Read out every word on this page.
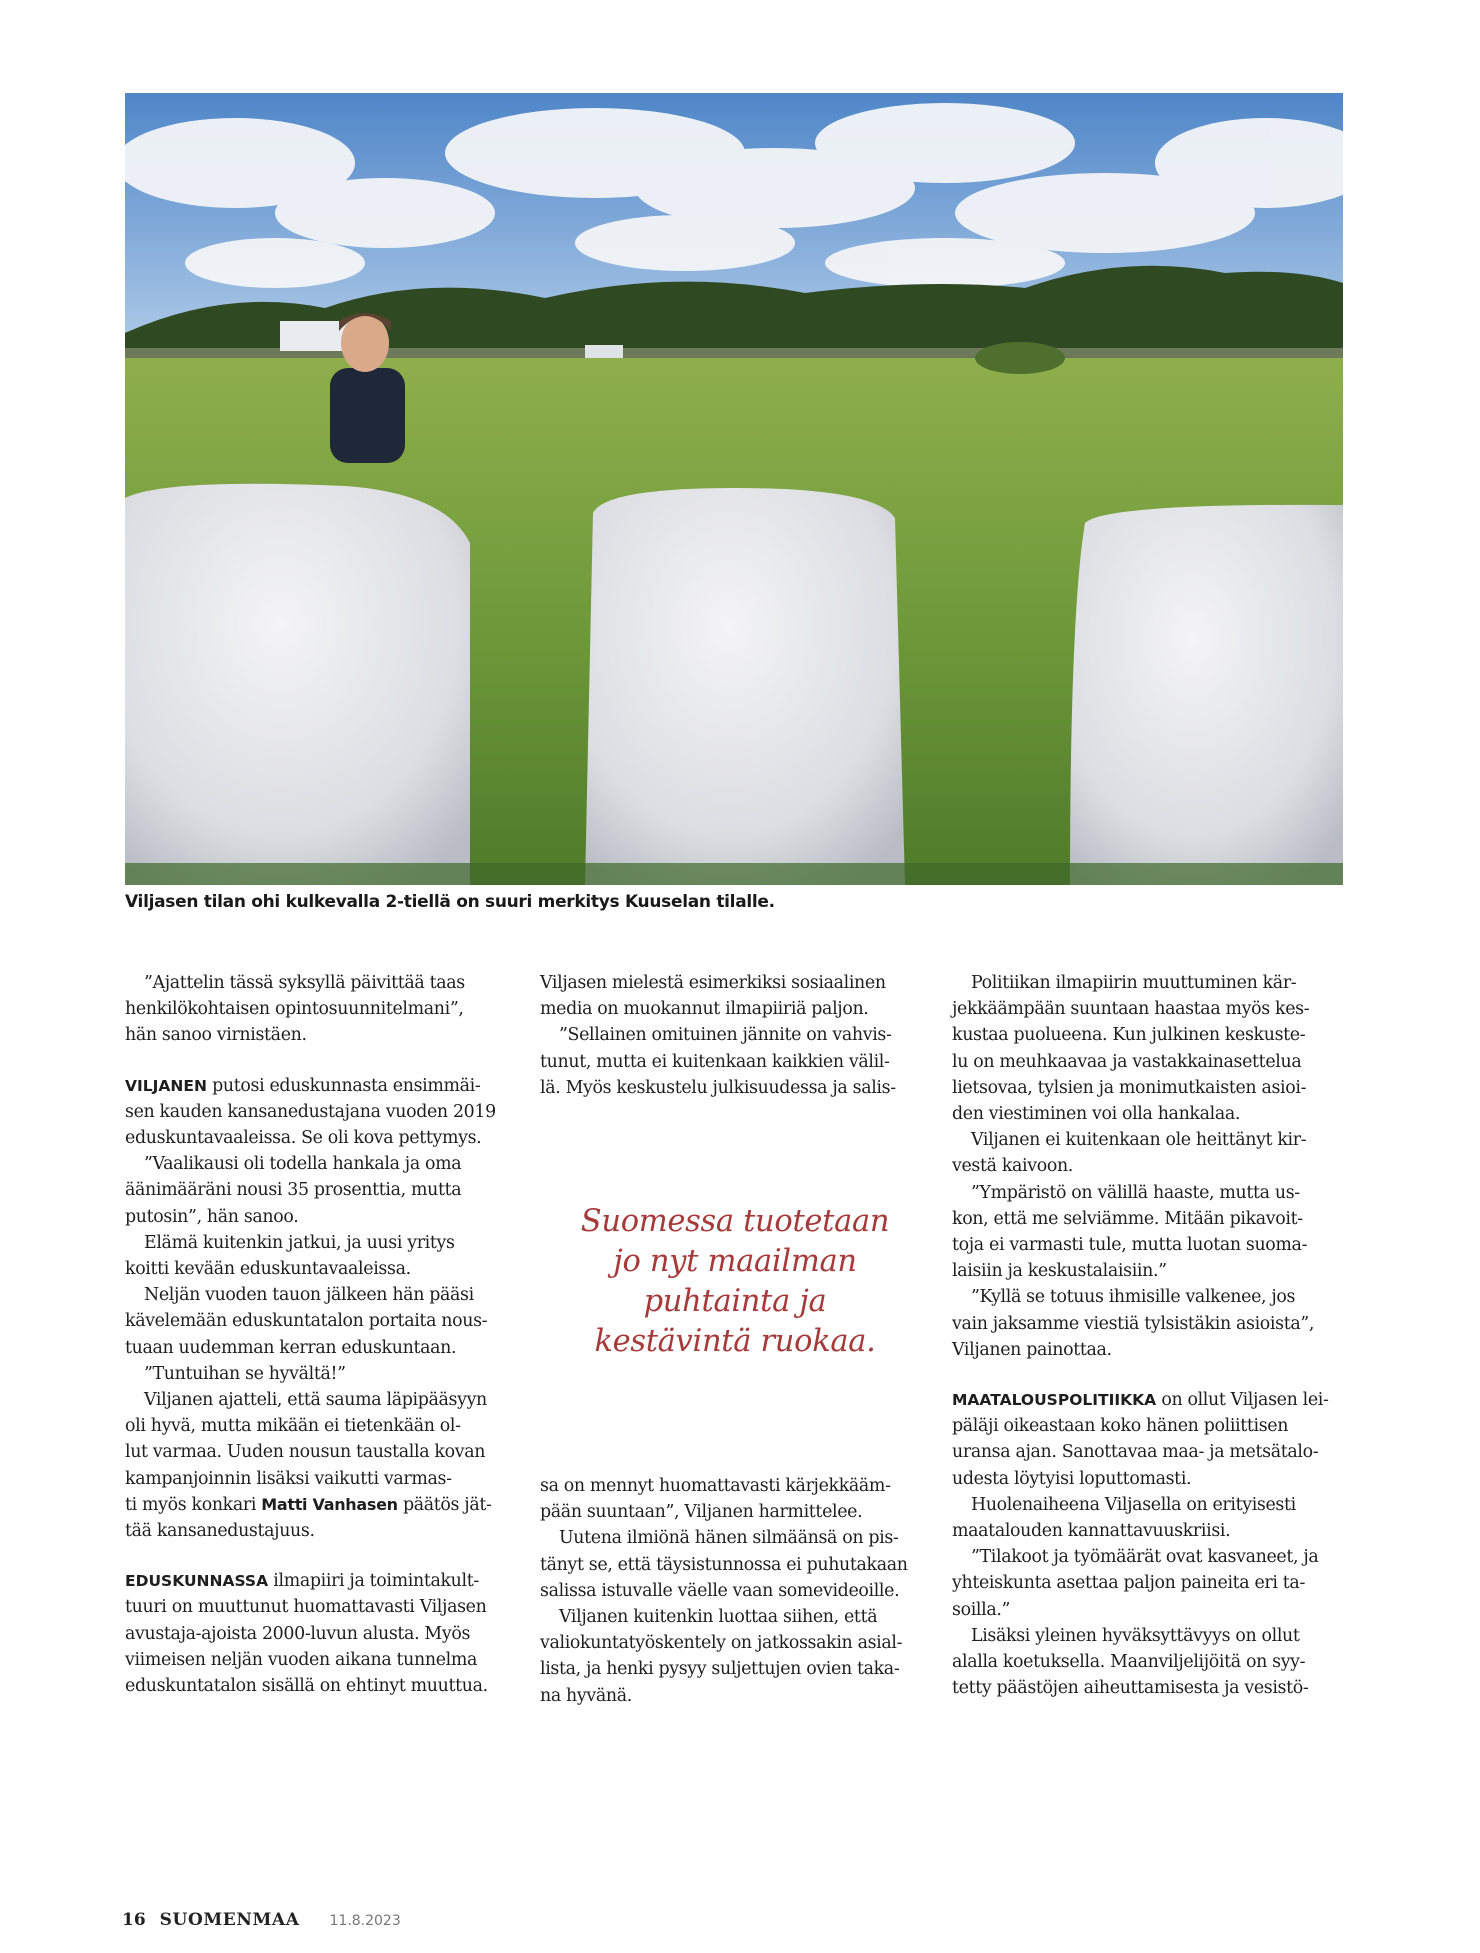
Viljasen tilan ohi kulkevalla 2-tiellä on suuri merkitys Kuuselan tilalle.

”Ajattelin tässä syksyllä päivittää taas

henkilökohtaisen opintosuunnitelmani”,

hän sanoo virnistäen.

VILJANEN putosi eduskunnasta ensimmäi-

sen kauden kansanedustajana vuoden 2019

eduskuntavaaleissa. Se oli kova pettymys.

”Vaalikausi oli todella hankala ja oma

äänimääräni nousi 35 prosenttia, mutta

putosin”, hän sanoo.

Elämä kuitenkin jatkui, ja uusi yritys

koitti kevään eduskuntavaaleissa.

Neljän vuoden tauon jälkeen hän pääsi

kävelemään eduskuntatalon portaita nous-

tuaan uudemman kerran eduskuntaan.

”Tuntuihan se hyvältä!”

Viljanen ajatteli, että sauma läpipääsyyn

oli hyvä, mutta mikään ei tietenkään ol-

lut varmaa. Uuden nousun taustalla kovan

kampanjoinnin lisäksi vaikutti varmas-

ti myös konkari Matti Vanhasen päätös jät-

tää kansanedustajuus.

EDUSKUNNASSA ilmapiiri ja toimintakult-

tuuri on muuttunut huomattavasti Viljasen

avustaja-ajoista 2000-luvun alusta. Myös

viimeisen neljän vuoden aikana tunnelma

eduskuntatalon sisällä on ehtinyt muuttua.

Viljasen mielestä esimerkiksi sosiaalinen

media on muokannut ilmapiiriä paljon.

”Sellainen omituinen jännite on vahvis-

tunut, mutta ei kuitenkaan kaikkien välil-

lä. Myös keskustelu julkisuudessa ja salis-

sa on mennyt huomattavasti kärjekkääm-

pään suuntaan”, Viljanen harmittelee.

Uutena ilmiönä hänen silmäänsä on pis-

tänyt se, että täysistunnossa ei puhutakaan

salissa istuvalle väelle vaan somevideoille.

Viljanen kuitenkin luottaa siihen, että

valiokuntatyöskentely on jatkossakin asial-

lista, ja henki pysyy suljettujen ovien taka-

na hyvänä.

Politiikan ilmapiirin muuttuminen kär-

jekkäämpään suuntaan haastaa myös kes-

kustaa puolueena. Kun julkinen keskuste-

lu on meuhkaavaa ja vastakkainasettelua

lietsovaa, tylsien ja monimutkaisten asioi-

den viestiminen voi olla hankalaa.

Viljanen ei kuitenkaan ole heittänyt kir-

vestä kaivoon.

”Ympäristö on välillä haaste, mutta us-

kon, että me selviämme. Mitään pikavoit-

toja ei varmasti tule, mutta luotan suoma-

laisiin ja keskustalaisiin.”

”Kyllä se totuus ihmisille valkenee, jos

vain jaksamme viestiä tylsistäkin asioista”,

Viljanen painottaa.

MAATALOUSPOLITIIKKA on ollut Viljasen lei-

päläji oikeastaan koko hänen poliittisen

uransa ajan. Sanottavaa maa- ja metsätalo-

udesta löytyisi loputtomasti.

Huolenaiheena Viljasella on erityisesti

maatalouden kannattavuuskriisi.

”Tilakoot ja työmäärät ovat kasvaneet, ja

yhteiskunta asettaa paljon paineita eri ta-

soilla.”

Lisäksi yleinen hyväksyttävyys on ollut

alalla koetuksella. Maanviljelijöitä on syy-

tetty päästöjen aiheuttamisesta ja vesistö-

Suomessa tuotetaan

jo nyt maailman

puhtainta ja

kestävintä ruokaa.

16 SUOMENMAA 11.8.2023
